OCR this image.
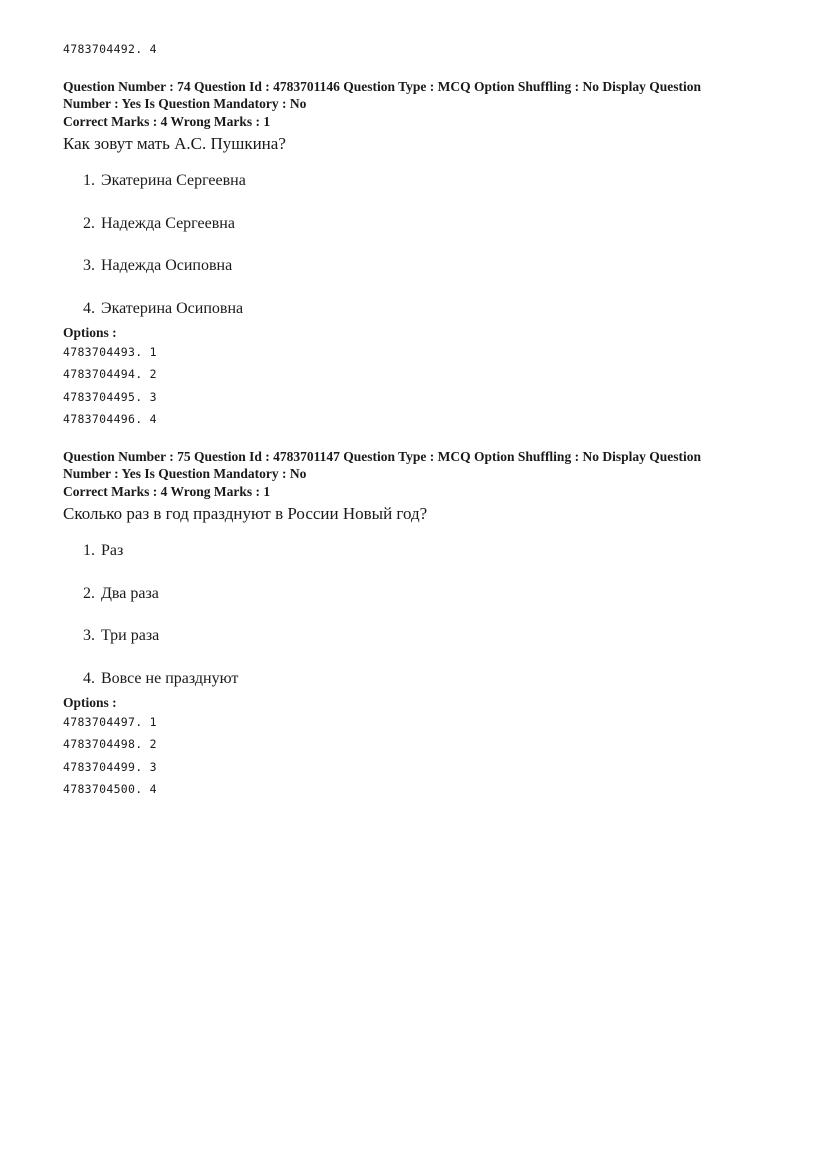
4783704492. 4
Question Number : 74 Question Id : 4783701146 Question Type : MCQ Option Shuffling : No Display Question
Number : Yes Is Question Mandatory : No
Correct Marks : 4 Wrong Marks : 1
Как зовут мать А.С. Пушкина?
1. Экатерина Сергеевна
2. Надежда Сергеевна
3. Надежда Осиповна
4. Экатерина Осиповна
Options :
4783704493. 1
4783704494. 2
4783704495. 3
4783704496. 4
Question Number : 75 Question Id : 4783701147 Question Type : MCQ Option Shuffling : No Display Question
Number : Yes Is Question Mandatory : No
Correct Marks : 4 Wrong Marks : 1
Сколько раз в год празднуют в России Новый год?
1. Раз
2. Два раза
3. Три раза
4. Вовсе не празднуют
Options :
4783704497. 1
4783704498. 2
4783704499. 3
4783704500. 4
